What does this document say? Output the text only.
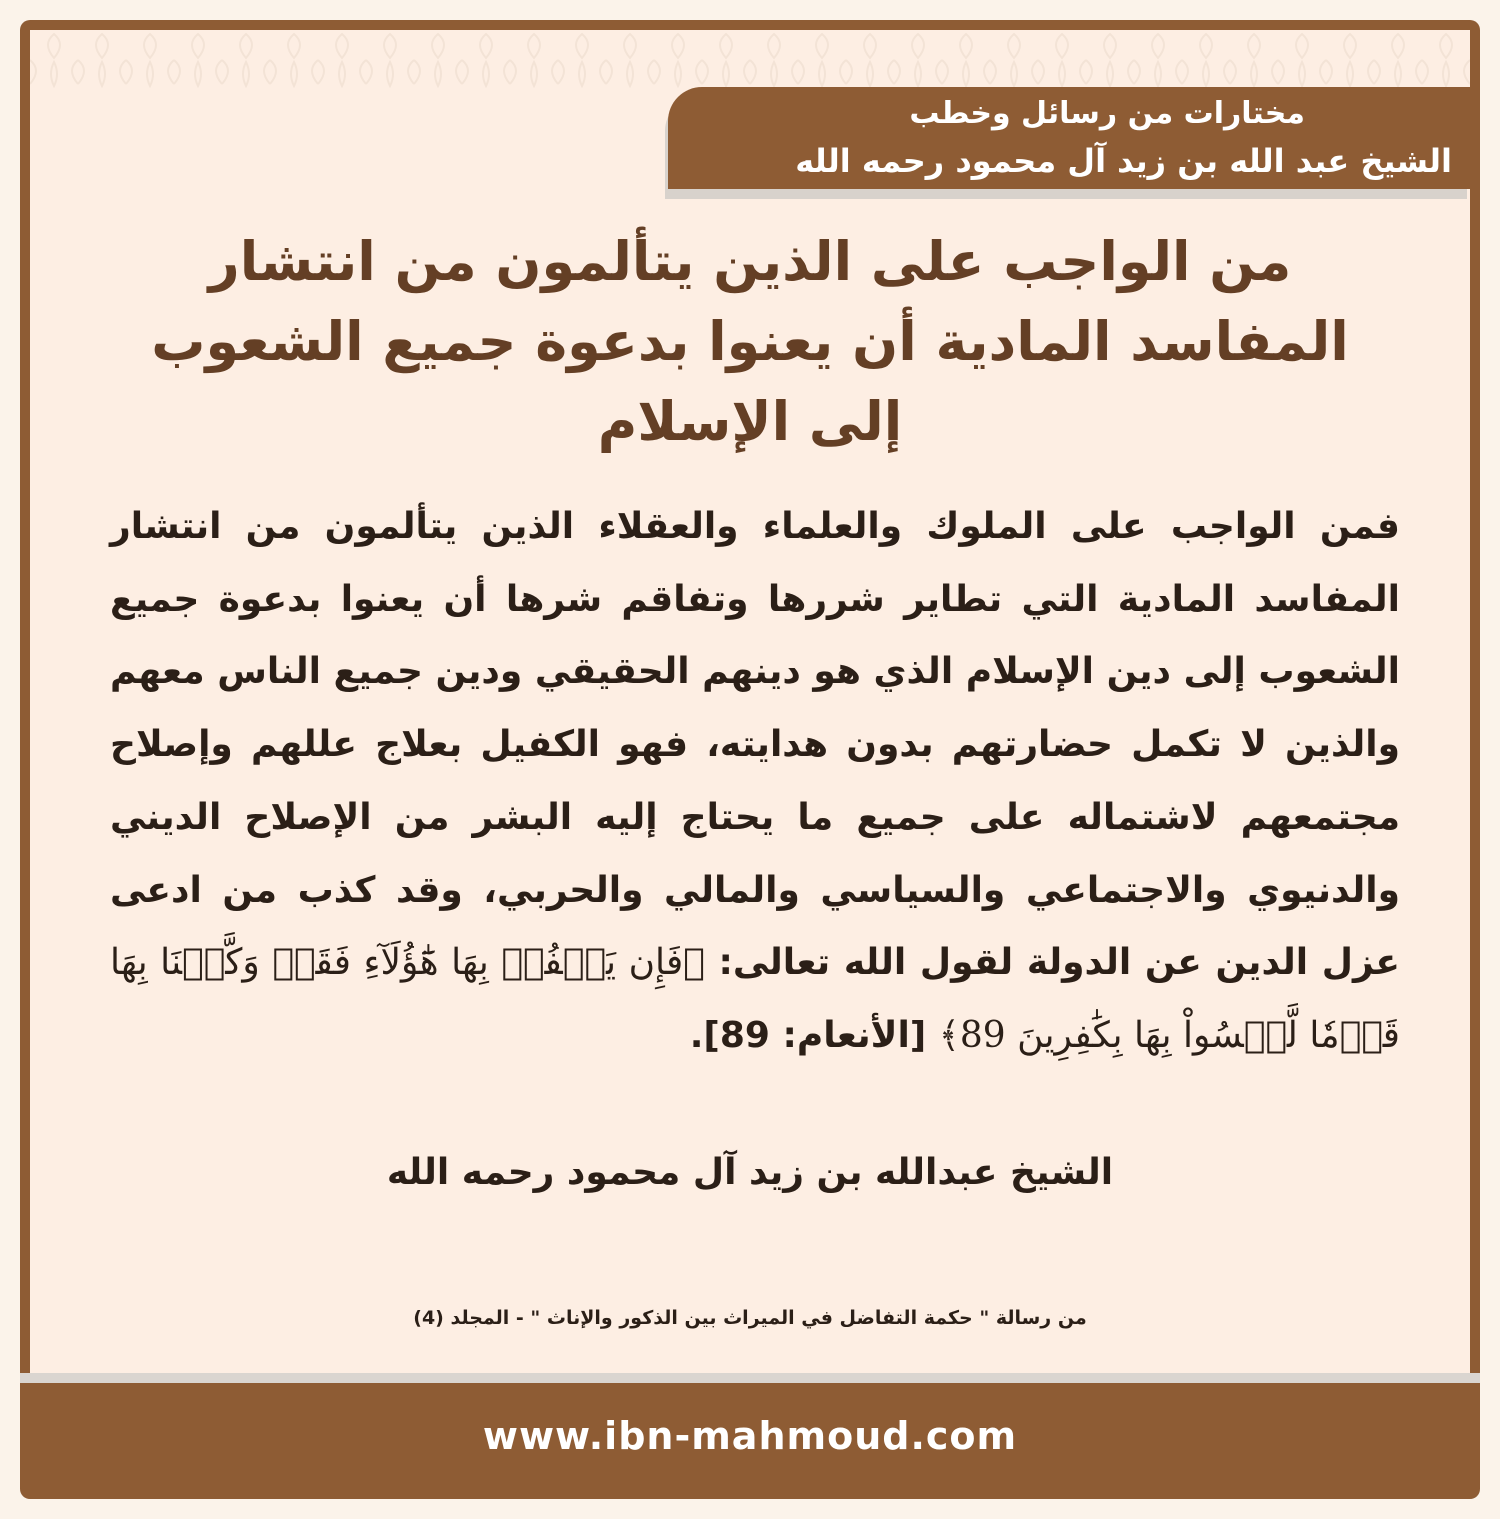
مختارات من رسائل وخطب
الشيخ عبد الله بن زيد آل محمود رحمه الله
من الواجب على الذين يتألمون من انتشار المفاسد المادية أن يعنوا بدعوة جميع الشعوب إلى الإسلام

فمن الواجب على الملوك والعلماء والعقلاء الذين يتألمون من انتشار المفاسد المادية التي تطاير شررها وتفاقم شرها أن يعنوا بدعوة جميع الشعوب إلى دين الإسلام الذي هو دينهم الحقيقي ودين جميع الناس معهم والذين لا تكمل حضارتهم بدون هدايته، فهو الكفيل بعلاج عللهم وإصلاح مجتمعهم لاشتماله على جميع ما يحتاج إليه البشر من الإصلاح الديني والدنيوي والاجتماعي والسياسي والمالي والحربي، وقد كذب من ادعى عزل الدين عن الدولة لقول الله تعالى: ﴿فَإِن يَكۡفُرۡ بِهَا هَٰٓؤُلَآءِ فَقَدۡ وَكَّلۡنَا بِهَا قَوۡمٗا لَّيۡسُواْ بِهَا بِكَٰفِرِينَ 89﴾ [الأنعام: 89].

الشيخ عبدالله بن زيد آل محمود رحمه الله
من رسالة " حكمة التفاضل في الميراث بين الذكور والإناث " - المجلد (4)
www.ibn-mahmoud.com
